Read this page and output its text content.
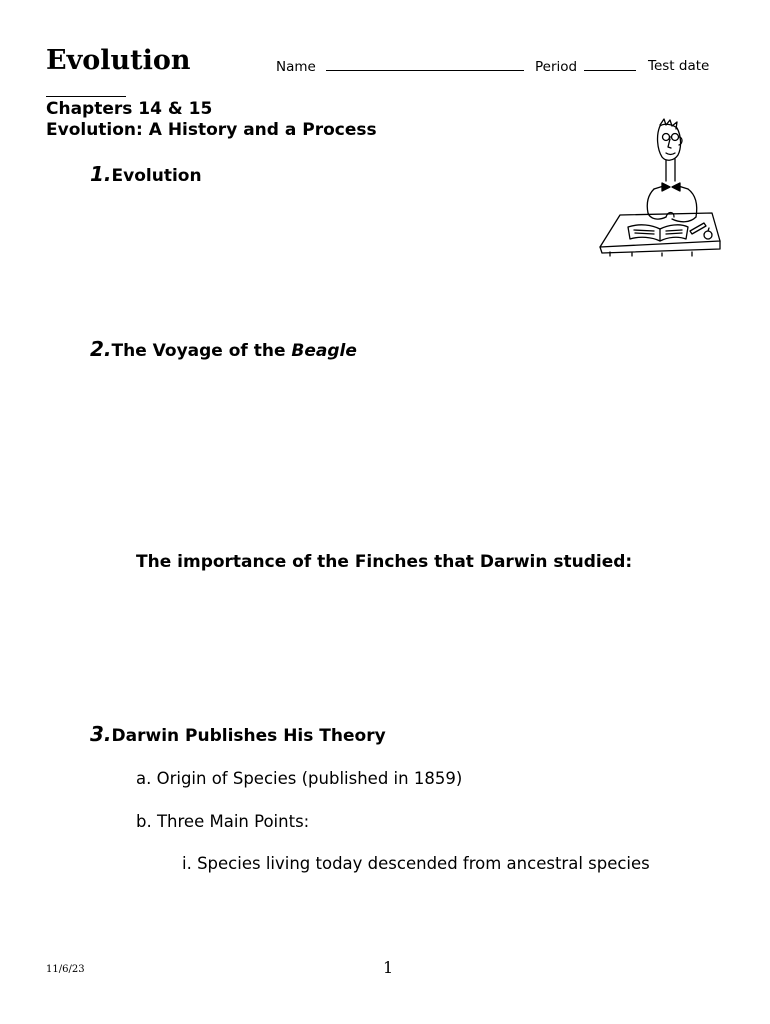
Evolution	Name	Period	Test date
Chapters 14 & 15
Evolution: A History and a Process
1.Evolution
2.The Voyage of the Beagle
The importance of the Finches that Darwin studied:
3.Darwin Publishes His Theory
a. Origin of Species (published in 1859)
b. Three Main Points:
i. Species living today descended from ancestral species
11/6/23	1
